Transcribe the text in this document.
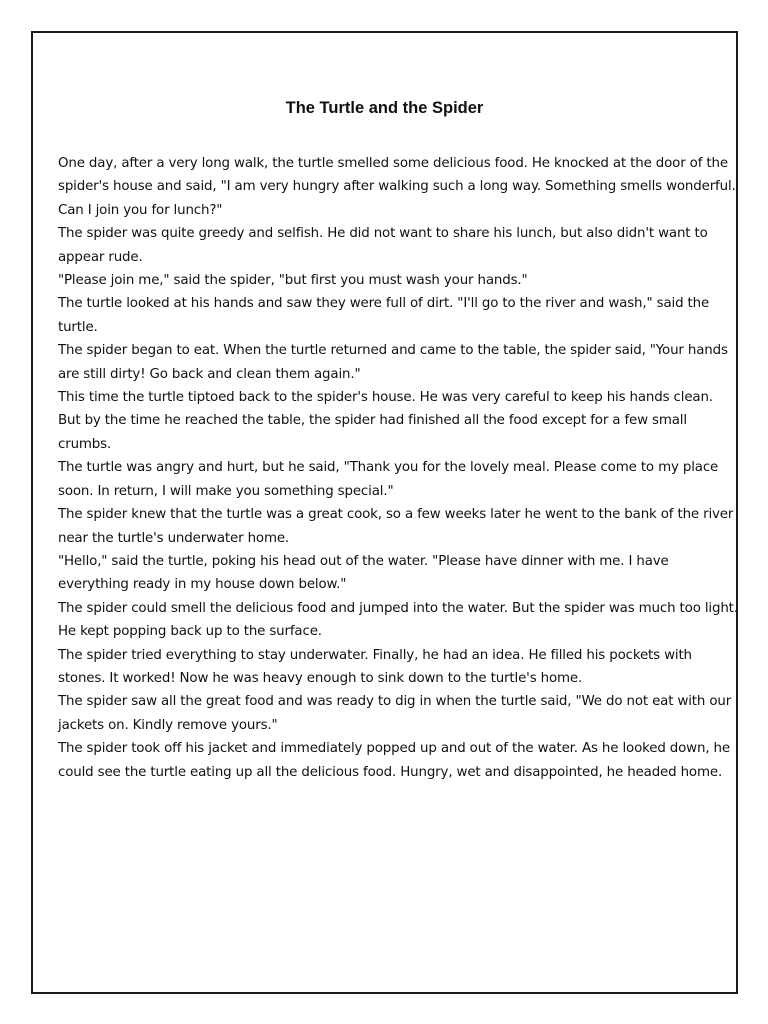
The Turtle and the Spider

One day, after a very long walk, the turtle smelled some delicious food. He knocked at the door of the spider's house and said, "I am very hungry after walking such a long way. Something smells wonderful. Can I join you for lunch?"

The spider was quite greedy and selfish. He did not want to share his lunch, but also didn't want to appear rude.

"Please join me," said the spider, "but first you must wash your hands."

The turtle looked at his hands and saw they were full of dirt. "I'll go to the river and wash," said the turtle.

The spider began to eat. When the turtle returned and came to the table, the spider said, "Your hands are still dirty! Go back and clean them again."

This time the turtle tiptoed back to the spider's house. He was very careful to keep his hands clean. But by the time he reached the table, the spider had finished all the food except for a few small crumbs.

The turtle was angry and hurt, but he said, "Thank you for the lovely meal. Please come to my place soon. In return, I will make you something special."

The spider knew that the turtle was a great cook, so a few weeks later he went to the bank of the river near the turtle's underwater home.

"Hello," said the turtle, poking his head out of the water. "Please have dinner with me. I have everything ready in my house down below."

The spider could smell the delicious food and jumped into the water. But the spider was much too light. He kept popping back up to the surface.

The spider tried everything to stay underwater. Finally, he had an idea. He filled his pockets with stones. It worked! Now he was heavy enough to sink down to the turtle's home.

The spider saw all the great food and was ready to dig in when the turtle said, "We do not eat with our jackets on. Kindly remove yours."

The spider took off his jacket and immediately popped up and out of the water. As he looked down, he could see the turtle eating up all the delicious food. Hungry, wet and disappointed, he headed home.
